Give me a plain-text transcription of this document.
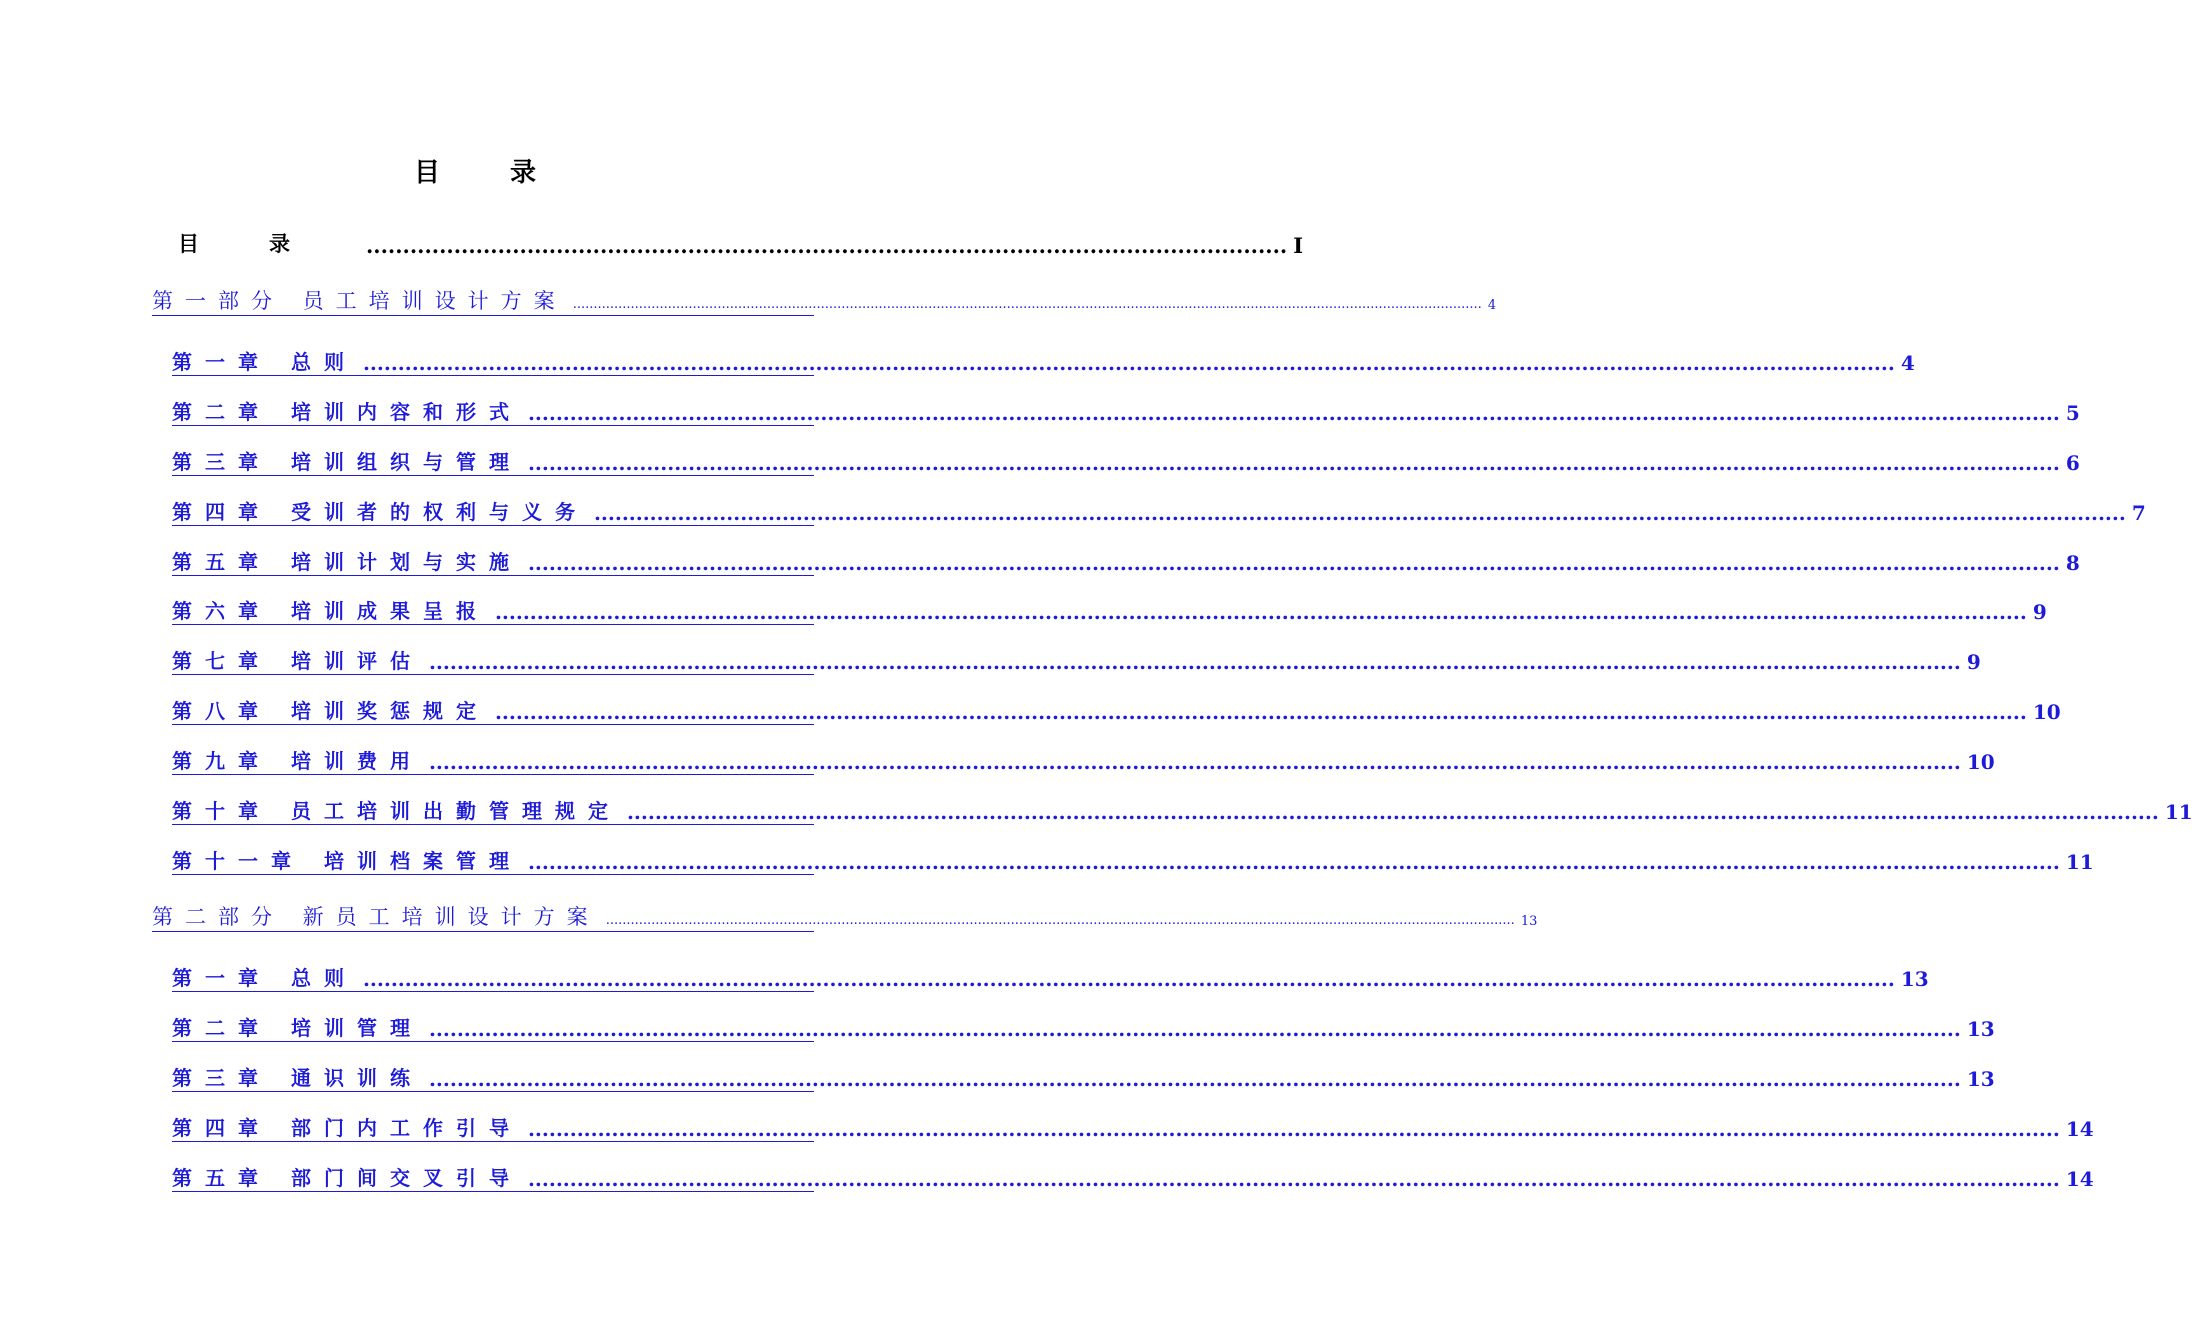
目录
目录 .............................................................................................................................. I
第一部分 员工培训设计方案 ............................................................................................................................................................................................................................ 4
第一章 总则 ............................................................................................................................................................................................................................ 4
第二章 培训内容和形式 ............................................................................................................................................................................................................................ 5
第三章 培训组织与管理 ............................................................................................................................................................................................................................ 6
第四章 受训者的权利与义务 ............................................................................................................................................................................................................................ 7
第五章 培训计划与实施 ............................................................................................................................................................................................................................ 8
第六章 培训成果呈报 ............................................................................................................................................................................................................................ 9
第七章 培训评估 ............................................................................................................................................................................................................................ 9
第八章 培训奖惩规定 ............................................................................................................................................................................................................................ 10
第九章 培训费用 ............................................................................................................................................................................................................................ 10
第十章 员工培训出勤管理规定 ............................................................................................................................................................................................................................ 11
第十一章 培训档案管理 ............................................................................................................................................................................................................................ 11
第二部分 新员工培训设计方案 ............................................................................................................................................................................................................................ 13
第一章 总则 ............................................................................................................................................................................................................................ 13
第二章 培训管理 ............................................................................................................................................................................................................................ 13
第三章 通识训练 ............................................................................................................................................................................................................................ 13
第四章 部门内工作引导 ............................................................................................................................................................................................................................ 14
第五章 部门间交叉引导 ............................................................................................................................................................................................................................ 14
